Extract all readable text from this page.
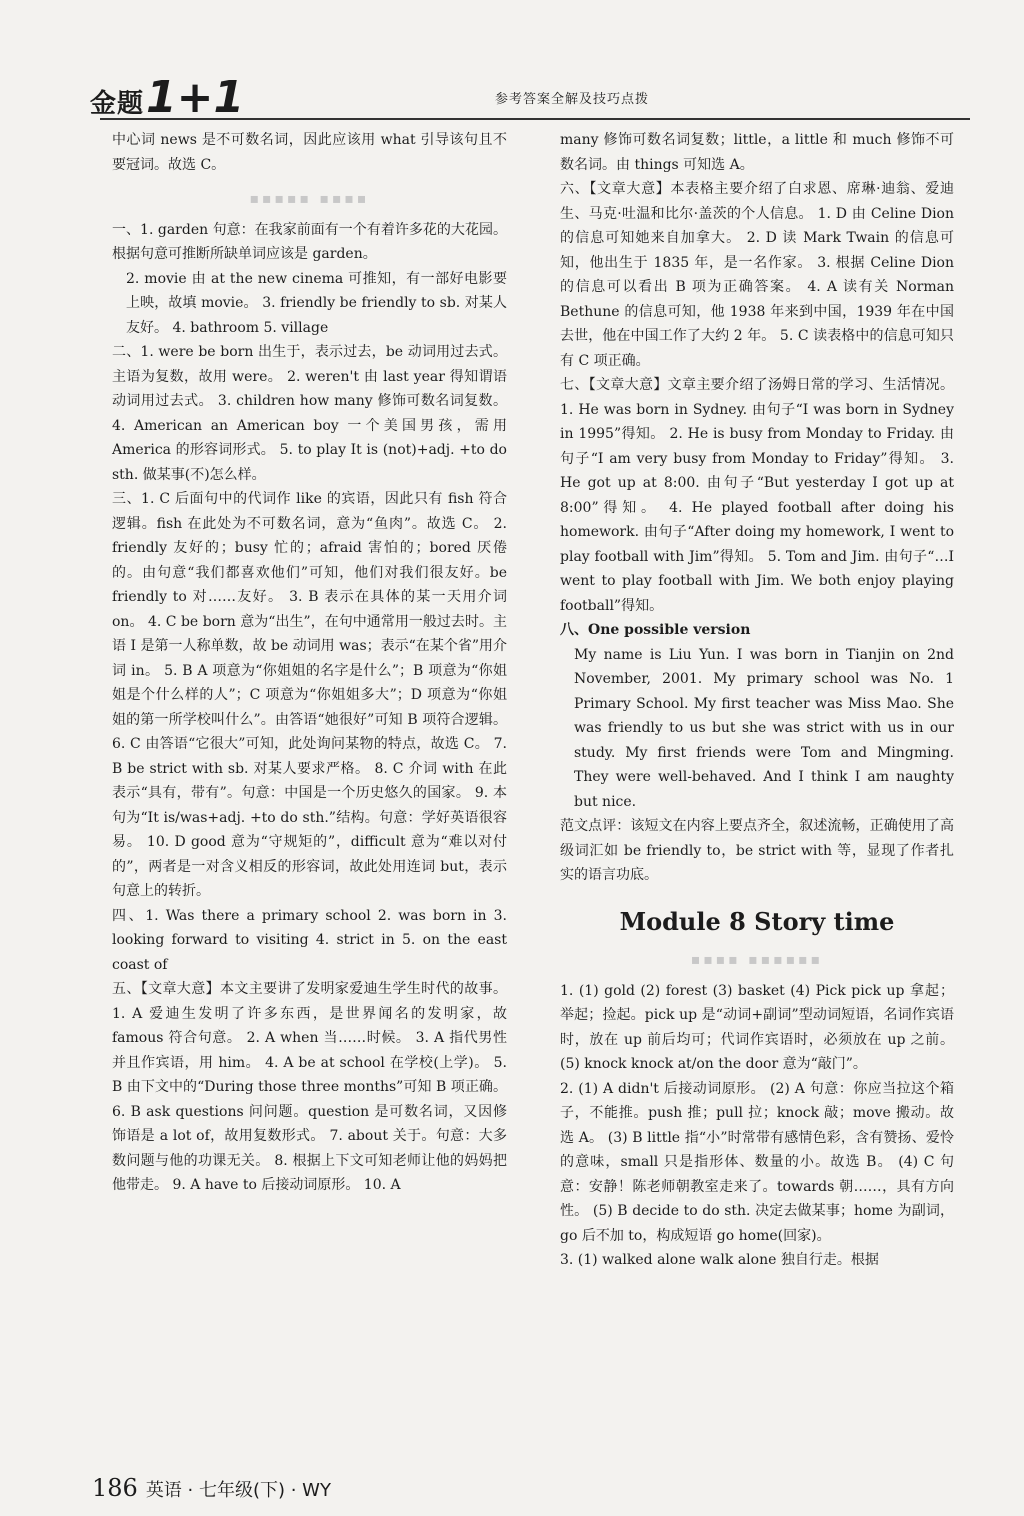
金题1+1	参考答案全解及技巧点拨

中心词 news 是不可数名词，因此应该用 what 引导该句且不要冠词。故选 C。

▪▪▪▪▪ ▪▪▪▪

一、1. garden 句意：在我家前面有一个有着许多花的大花园。根据句意可推断所缺单词应该是 garden。

2. movie 由 at the new cinema 可推知，有一部好电影要上映，故填 movie。 3. friendly be friendly to sb. 对某人友好。 4. bathroom 5. village

二、1. were be born 出生于，表示过去，be 动词用过去式。主语为复数，故用 were。 2. weren't 由 last year 得知谓语动词用过去式。 3. children how many 修饰可数名词复数。 4. American an American boy 一个美国男孩，需用 America 的形容词形式。 5. to play It is (not)+adj. +to do sth. 做某事(不)怎么样。

三、1. C 后面句中的代词作 like 的宾语，因此只有 fish 符合逻辑。fish 在此处为不可数名词，意为“鱼肉”。故选 C。 2. friendly 友好的；busy 忙的；afraid 害怕的；bored 厌倦的。由句意“我们都喜欢他们”可知，他们对我们很友好。be friendly to 对……友好。 3. B 表示在具体的某一天用介词 on。 4. C be born 意为“出生”，在句中通常用一般过去时。主语 I 是第一人称单数，故 be 动词用 was；表示“在某个省”用介词 in。 5. B A 项意为“你姐姐的名字是什么”；B 项意为“你姐姐是个什么样的人”；C 项意为“你姐姐多大”；D 项意为“你姐姐的第一所学校叫什么”。由答语“她很好”可知 B 项符合逻辑。 6. C 由答语“它很大”可知，此处询问某物的特点，故选 C。 7. B be strict with sb. 对某人要求严格。 8. C 介词 with 在此表示“具有，带有”。句意：中国是一个历史悠久的国家。 9. 本句为“It is/was+adj. +to do sth.”结构。句意：学好英语很容易。 10. D good 意为“守规矩的”，difficult 意为“难以对付的”，两者是一对含义相反的形容词，故此处用连词 but，表示句意上的转折。

四、1. Was there a primary school 2. was born in 3. looking forward to visiting 4. strict in 5. on the east coast of

五、【文章大意】本文主要讲了发明家爱迪生学生时代的故事。 1. A 爱迪生发明了许多东西，是世界闻名的发明家，故 famous 符合句意。 2. A when 当……时候。 3. A 指代男性并且作宾语，用 him。 4. A be at school 在学校(上学)。 5. B 由下文中的“During those three months”可知 B 项正确。 6. B ask questions 问问题。question 是可数名词，又因修饰语是 a lot of，故用复数形式。 7. about 关于。句意：大多数问题与他的功课无关。 8. 根据上下文可知老师让他的妈妈把他带走。 9. A have to 后接动词原形。 10. A

many 修饰可数名词复数；little，a little 和 much 修饰不可数名词。由 things 可知选 A。

六、【文章大意】本表格主要介绍了白求恩、席琳·迪翁、爱迪生、马克·吐温和比尔·盖茨的个人信息。 1. D 由 Celine Dion 的信息可知她来自加拿大。 2. D 读 Mark Twain 的信息可知，他出生于 1835 年，是一名作家。 3. 根据 Celine Dion 的信息可以看出 B 项为正确答案。 4. A 读有关 Norman Bethune 的信息可知，他 1938 年来到中国，1939 年在中国去世，他在中国工作了大约 2 年。 5. C 读表格中的信息可知只有 C 项正确。

七、【文章大意】文章主要介绍了汤姆日常的学习、生活情况。 1. He was born in Sydney. 由句子“I was born in Sydney in 1995”得知。 2. He is busy from Monday to Friday. 由句子“I am very busy from Monday to Friday”得知。 3. He got up at 8:00. 由句子“But yesterday I got up at 8:00”得知。 4. He played football after doing his homework. 由句子“After doing my homework, I went to play football with Jim”得知。 5. Tom and Jim. 由句子“…I went to play football with Jim. We both enjoy playing football”得知。

八、One possible version

My name is Liu Yun. I was born in Tianjin on 2nd November, 2001. My primary school was No. 1 Primary School. My first teacher was Miss Mao. She was friendly to us but she was strict with us in our study. My first friends were Tom and Mingming. They were well-behaved. And I think I am naughty but nice.

范文点评：该短文在内容上要点齐全，叙述流畅，正确使用了高级词汇如 be friendly to，be strict with 等，显现了作者扎实的语言功底。

Module 8 Story time
▪▪▪▪ ▪▪▪▪▪▪

1. (1) gold (2) forest (3) basket (4) Pick pick up 拿起；举起；捡起。pick up 是“动词+副词”型动词短语，名词作宾语时，放在 up 前后均可；代词作宾语时，必须放在 up 之前。 (5) knock knock at/on the door 意为“敲门”。

2. (1) A didn't 后接动词原形。 (2) A 句意：你应当拉这个箱子，不能推。push 推；pull 拉；knock 敲；move 搬动。故选 A。 (3) B little 指“小”时常带有感情色彩，含有赞扬、爱怜的意味，small 只是指形体、数量的小。故选 B。 (4) C 句意：安静！陈老师朝教室走来了。towards 朝……，具有方向性。 (5) B decide to do sth. 决定去做某事；home 为副词，go 后不加 to，构成短语 go home(回家)。

3. (1) walked alone walk alone 独自行走。根据

186 英语 · 七年级(下) · WY
